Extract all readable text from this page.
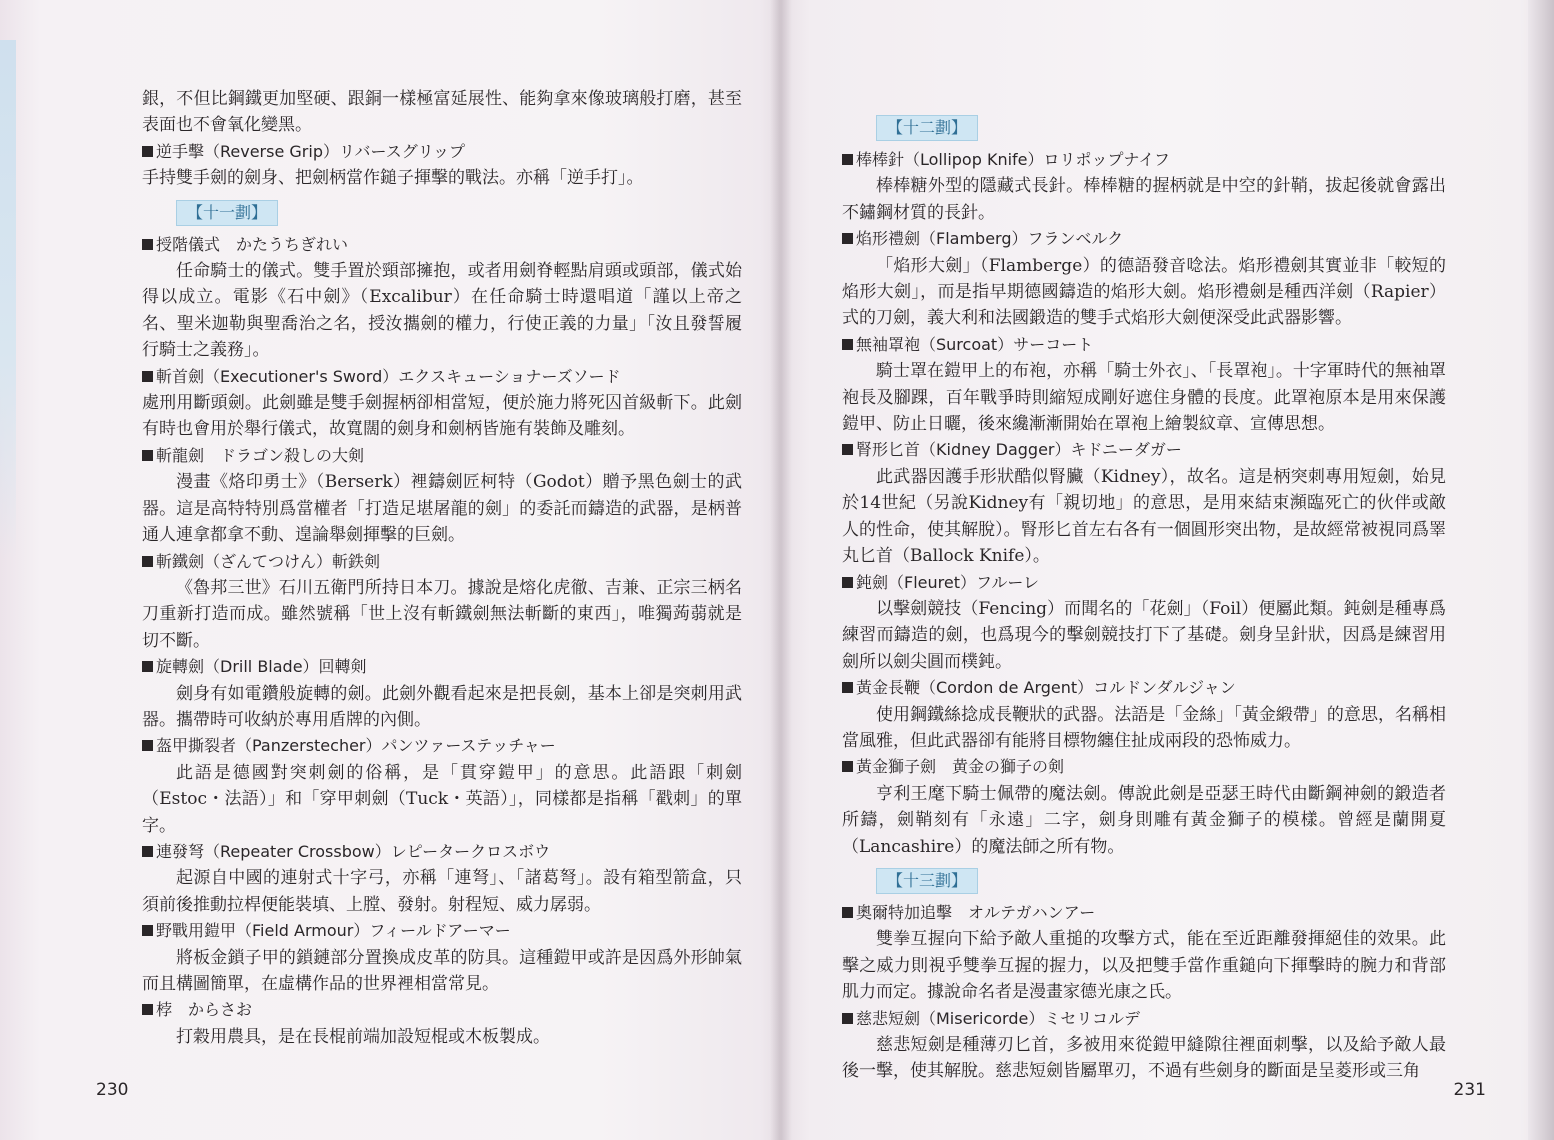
銀，不但比鋼鐵更加堅硬、跟銅一樣極富延展性、能夠拿來像玻璃般打磨，甚至表面也不會氧化變黑。
逆手擊（Reverse Grip）リバースグリップ
手持雙手劍的劍身、把劍柄當作鎚子揮擊的戰法。亦稱「逆手打」。
【十一劃】
授階儀式　かたうちぎれい
任命騎士的儀式。雙手置於頸部擁抱，或者用劍脊輕點肩頭或頭部，儀式始得以成立。電影《石中劍》（Excalibur）在任命騎士時還唱道「謹以上帝之名、聖米迦勒與聖喬治之名，授汝攜劍的權力，行使正義的力量」「汝且發誓履行騎士之義務」。
斬首劍（Executioner's Sword）エクスキューショナーズソード
處刑用斷頭劍。此劍雖是雙手劍握柄卻相當短，便於施力將死囚首級斬下。此劍有時也會用於舉行儀式，故寬闊的劍身和劍柄皆施有裝飾及雕刻。
斬龍劍　ドラゴン殺しの大剣
漫畫《烙印勇士》（Berserk）裡鑄劍匠柯特（Godot）贈予黑色劍士的武器。這是高特特別爲當權者「打造足堪屠龍的劍」的委託而鑄造的武器，是柄普通人連拿都拿不動、遑論舉劍揮擊的巨劍。
斬鐵劍（ざんてつけん）斬鉄剣
《魯邦三世》石川五衛門所持日本刀。據說是熔化虎徹、吉兼、正宗三柄名刀重新打造而成。雖然號稱「世上沒有斬鐵劍無法斬斷的東西」，唯獨蒟蒻就是切不斷。
旋轉劍（Drill Blade）回轉剣
劍身有如電鑽般旋轉的劍。此劍外觀看起來是把長劍，基本上卻是突刺用武器。攜帶時可收納於專用盾牌的內側。
盔甲撕裂者（Panzerstecher）パンツァーステッチャー
此語是德國對突刺劍的俗稱，是「貫穿鎧甲」的意思。此語跟「刺劍（Estoc・法語）」和「穿甲刺劍（Tuck・英語）」，同樣都是指稱「戳刺」的單字。
連發弩（Repeater Crossbow）レピータークロスボウ
起源自中國的連射式十字弓，亦稱「連弩」、「諸葛弩」。設有箱型箭盒，只須前後推動拉桿便能裝填、上膛、發射。射程短、威力孱弱。
野戰用鎧甲（Field Armour）フィールドアーマー
將板金鎖子甲的鎖鏈部分置換成皮革的防具。這種鎧甲或許是因爲外形帥氣而且構圖簡單，在虛構作品的世界裡相當常見。
桲　からさお
打穀用農具，是在長棍前端加設短棍或木板製成。
230
【十二劃】
棒棒針（Lollipop Knife）ロリポップナイフ
棒棒糖外型的隱藏式長針。棒棒糖的握柄就是中空的針鞘，拔起後就會露出不鏽鋼材質的長針。
焰形禮劍（Flamberg）フランベルク
「焰形大劍」（Flamberge）的德語發音唸法。焰形禮劍其實並非「較短的焰形大劍」，而是指早期德國鑄造的焰形大劍。焰形禮劍是種西洋劍（Rapier）式的刀劍，義大利和法國鍛造的雙手式焰形大劍便深受此武器影響。
無袖罩袍（Surcoat）サーコート
騎士罩在鎧甲上的布袍，亦稱「騎士外衣」、「長罩袍」。十字軍時代的無袖罩袍長及腳踝，百年戰爭時則縮短成剛好遮住身體的長度。此罩袍原本是用來保護鎧甲、防止日曬，後來纔漸漸開始在罩袍上繪製紋章、宣傳思想。
腎形匕首（Kidney Dagger）キドニーダガー
此武器因護手形狀酷似腎臟（Kidney），故名。這是柄突刺專用短劍，始見於14世紀（另說Kidney有「親切地」的意思，是用來結束瀕臨死亡的伙伴或敵人的性命，使其解脫）。腎形匕首左右各有一個圓形突出物，是故經常被視同爲睪丸匕首（Ballock Knife）。
鈍劍（Fleuret）フルーレ
以擊劍競技（Fencing）而聞名的「花劍」（Foil）便屬此類。鈍劍是種專爲練習而鑄造的劍，也爲現今的擊劍競技打下了基礎。劍身呈針狀，因爲是練習用劍所以劍尖圓而樸鈍。
黃金長鞭（Cordon de Argent）コルドンダルジャン
使用鋼鐵絲捻成長鞭狀的武器。法語是「金絲」「黃金緞帶」的意思，名稱相當風雅，但此武器卻有能將目標物纏住扯成兩段的恐怖威力。
黃金獅子劍　黄金の獅子の剣
亨利王麾下騎士佩帶的魔法劍。傳說此劍是亞瑟王時代由斷鋼神劍的鍛造者所鑄，劍鞘刻有「永遠」二字，劍身則雕有黃金獅子的模樣。曾經是蘭開夏（Lancashire）的魔法師之所有物。
【十三劃】
奧爾特加追擊　オルテガハンアー
雙拳互握向下給予敵人重搥的攻擊方式，能在至近距離發揮絕佳的效果。此擊之威力則視乎雙拳互握的握力，以及把雙手當作重鎚向下揮擊時的腕力和背部肌力而定。據說命名者是漫畫家德光康之氏。
慈悲短劍（Misericorde）ミセリコルデ
慈悲短劍是種薄刃匕首，多被用來從鎧甲縫隙往裡面刺擊，以及給予敵人最後一擊，使其解脫。慈悲短劍皆屬單刃，不過有些劍身的斷面是呈菱形或三角
231
